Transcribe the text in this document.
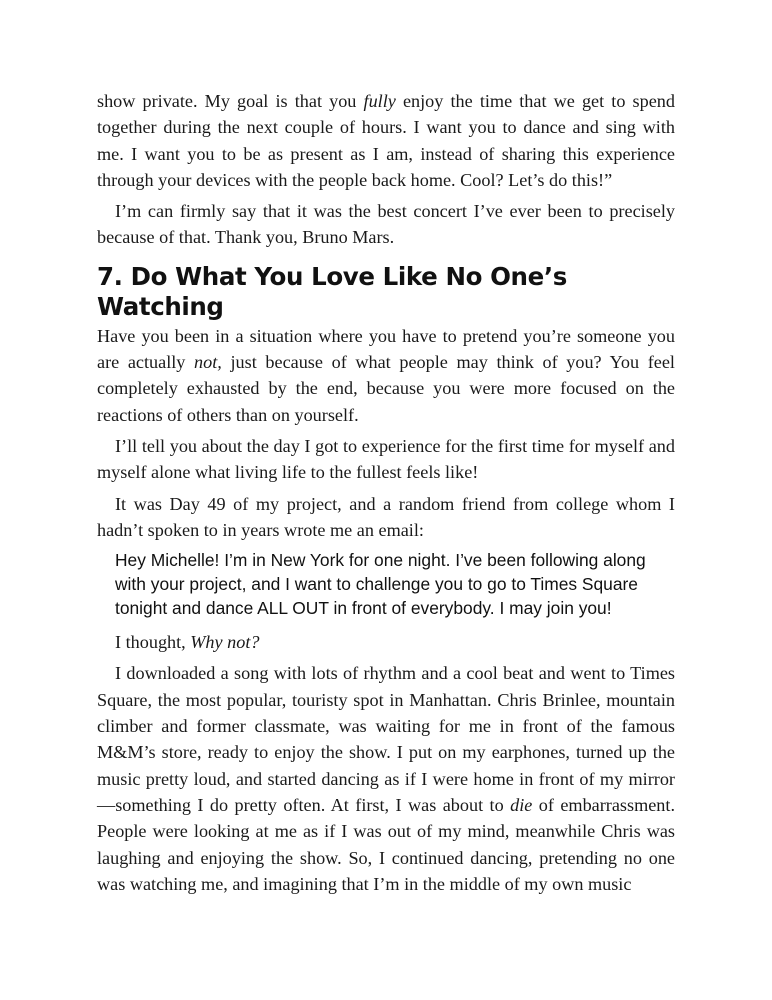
show private. My goal is that you fully enjoy the time that we get to spend together during the next couple of hours. I want you to dance and sing with me. I want you to be as present as I am, instead of sharing this experience through your devices with the people back home. Cool? Let’s do this!”

I’m can firmly say that it was the best concert I’ve ever been to precisely because of that. Thank you, Bruno Mars.

7. Do What You Love Like No One’s Watching

Have you been in a situation where you have to pretend you’re someone you are actually not, just because of what people may think of you? You feel completely exhausted by the end, because you were more focused on the reactions of others than on yourself.

I’ll tell you about the day I got to experience for the first time for myself and myself alone what living life to the fullest feels like!

It was Day 49 of my project, and a random friend from college whom I hadn’t spoken to in years wrote me an email:

Hey Michelle! I’m in New York for one night. I’ve been following along with your project, and I want to challenge you to go to Times Square tonight and dance ALL OUT in front of everybody. I may join you!

I thought, Why not?

I downloaded a song with lots of rhythm and a cool beat and went to Times Square, the most popular, touristy spot in Manhattan. Chris Brinlee, mountain climber and former classmate, was waiting for me in front of the famous M&M’s store, ready to enjoy the show. I put on my earphones, turned up the music pretty loud, and started dancing as if I were home in front of my mirror —something I do pretty often. At first, I was about to die of embarrassment. People were looking at me as if I was out of my mind, meanwhile Chris was laughing and enjoying the show. So, I continued dancing, pretending no one was watching me, and imagining that I’m in the middle of my own music
